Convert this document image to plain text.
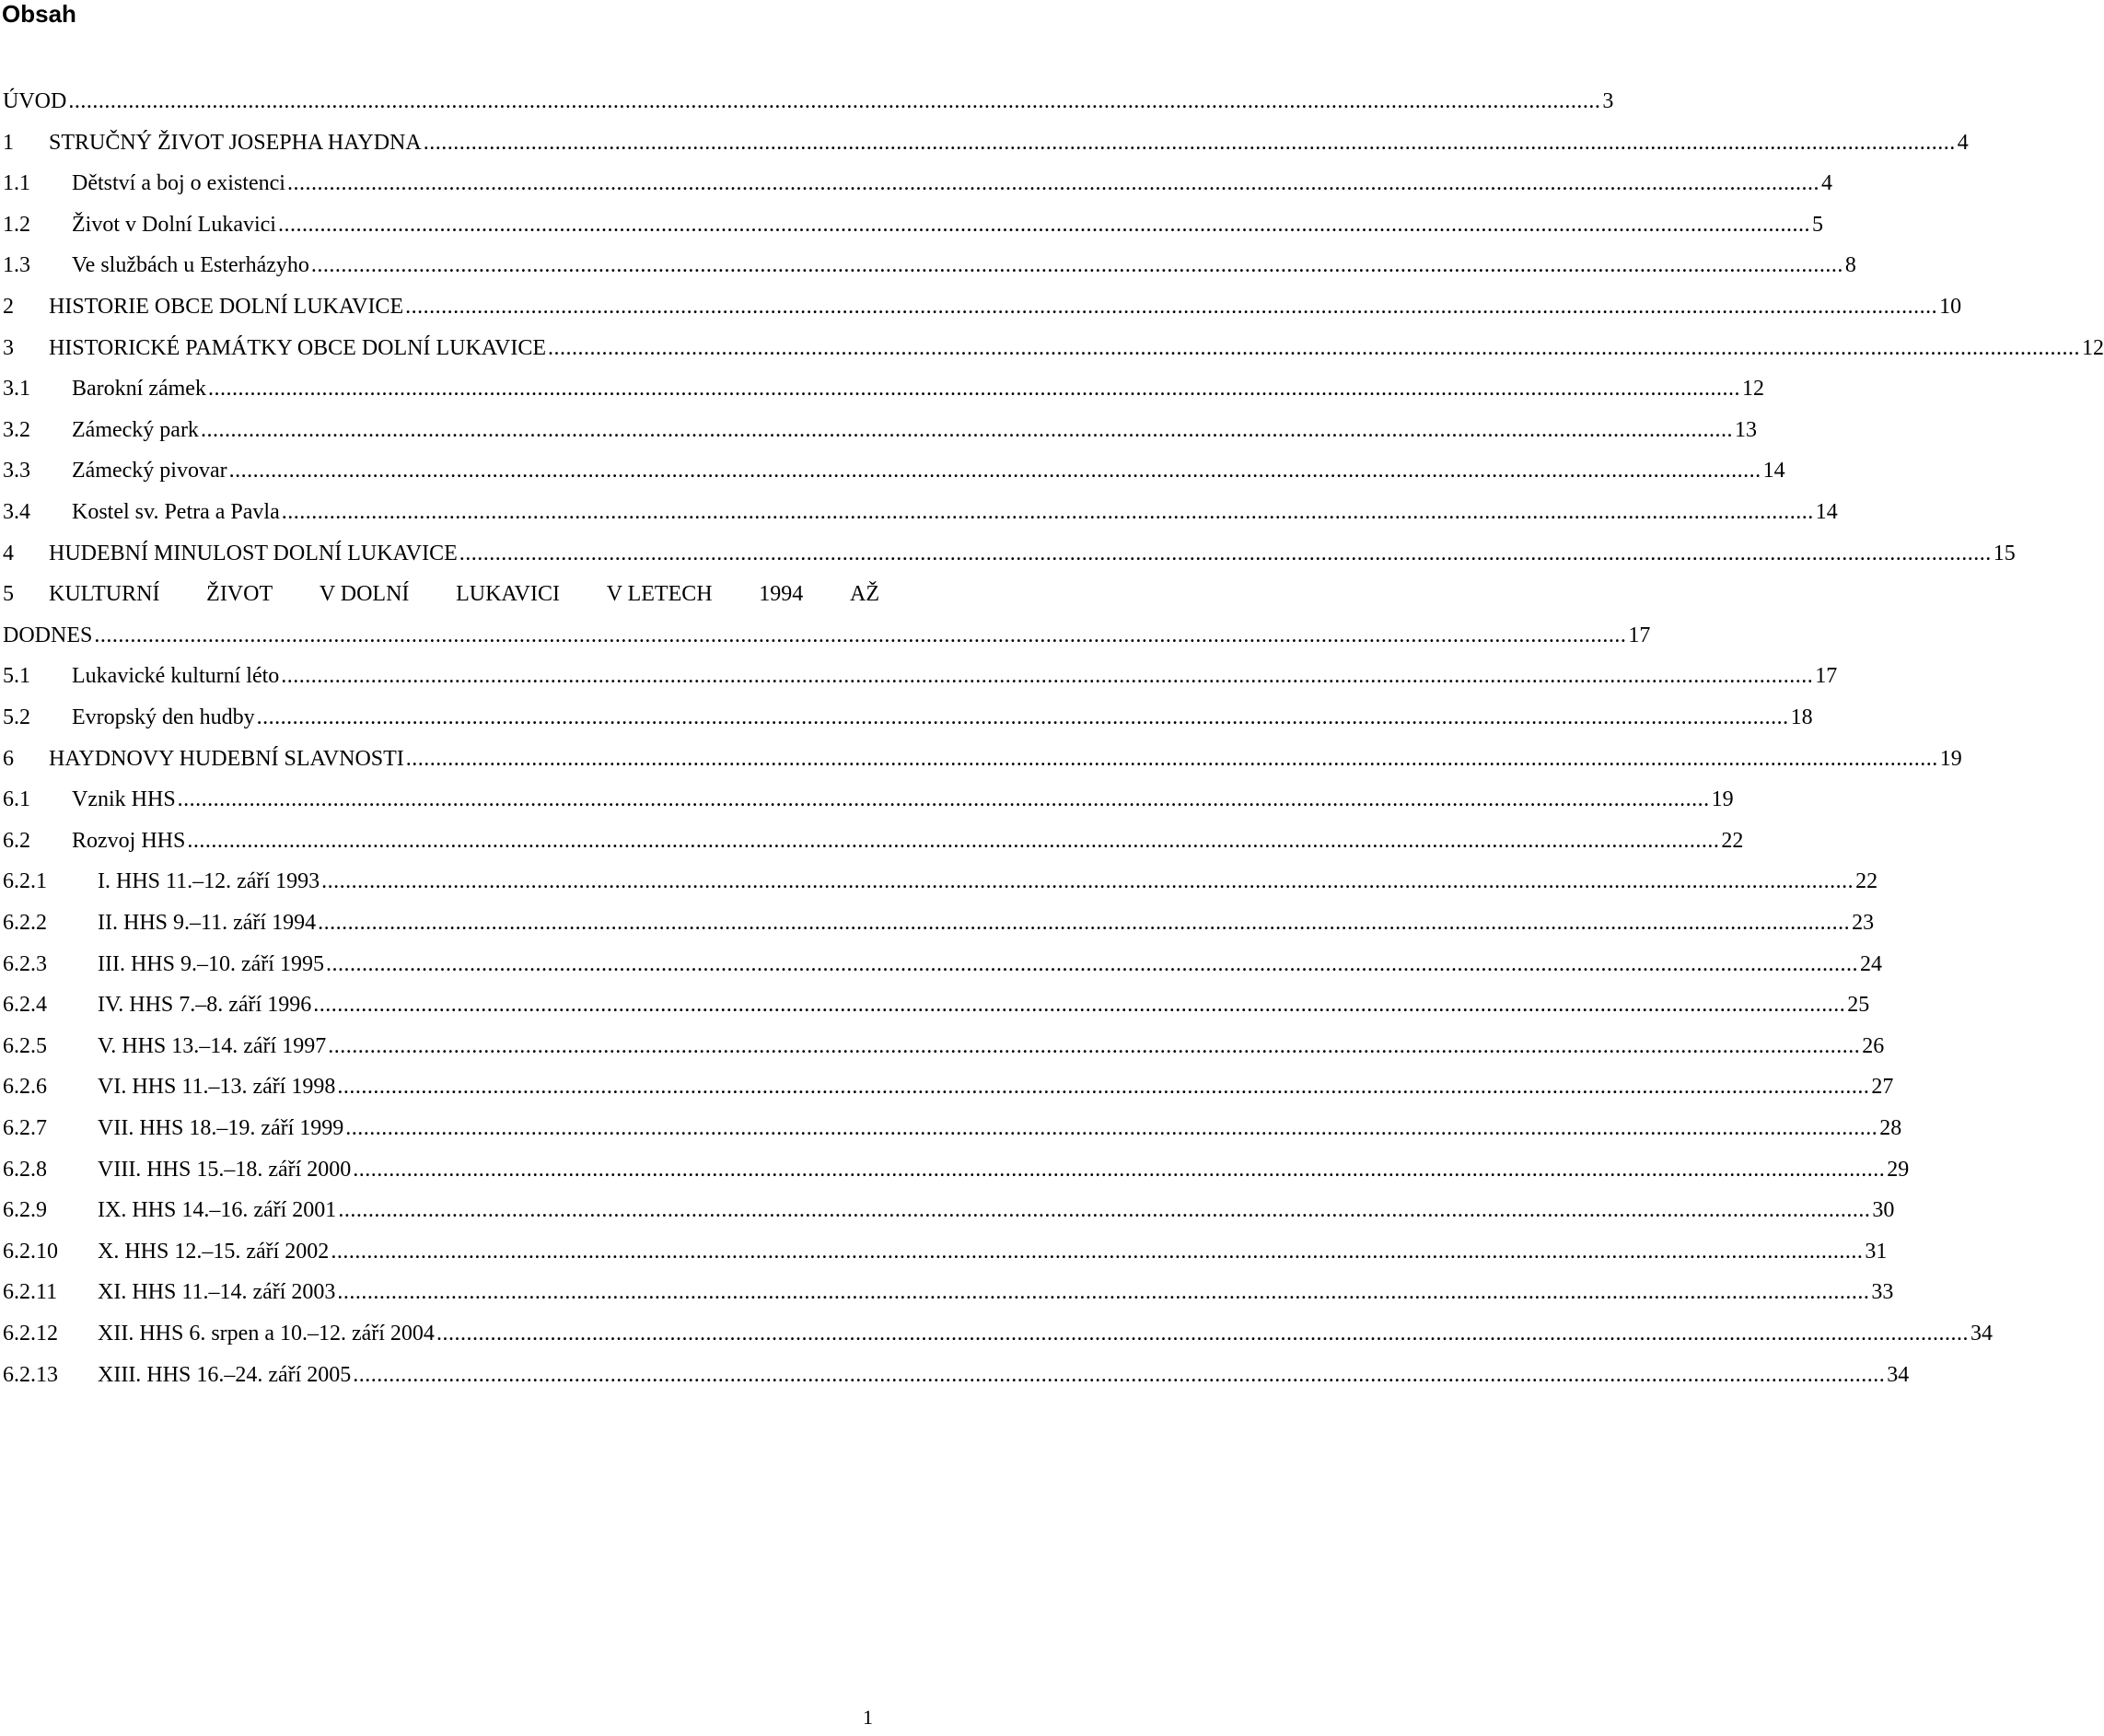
Obsah
ÚVOD .....	3
1	STRUČNÝ ŽIVOT JOSEPHA HAYDNA .....	4
1.1	Dětství a boj o existenci .....	4
1.2	Život v Dolní Lukavici .....	5
1.3	Ve službách u Esterházyho .....	8
2	HISTORIE OBCE DOLNÍ LUKAVICE .....	10
3	HISTORICKÉ PAMÁTKY OBCE DOLNÍ LUKAVICE .....	12
3.1	Barokní zámek .....	12
3.2	Zámecký park .....	13
3.3	Zámecký pivovar .....	14
3.4	Kostel sv. Petra a Pavla .....	14
4	HUDEBNÍ MINULOST DOLNÍ LUKAVICE .....	15
5	KULTURNÍ ŽIVOT V DOLNÍ LUKAVICI V LETECH 1994 AŽ
DODNES .....	17
5.1	Lukavické kulturní léto .....	17
5.2	Evropský den hudby .....	18
6	HAYDNOVY HUDEBNÍ SLAVNOSTI .....	19
6.1	Vznik HHS .....	19
6.2	Rozvoj HHS .....	22
6.2.1	I. HHS 11.–12. září 1993 .....	22
6.2.2	II. HHS 9.–11. září 1994 .....	23
6.2.3	III. HHS 9.–10. září 1995 .....	24
6.2.4	IV. HHS 7.–8. září 1996 .....	25
6.2.5	V. HHS 13.–14. září 1997 .....	26
6.2.6	VI. HHS 11.–13. září 1998 .....	27
6.2.7	VII. HHS 18.–19. září 1999 .....	28
6.2.8	VIII. HHS 15.–18. září 2000 .....	29
6.2.9	IX. HHS 14.–16. září 2001 .....	30
6.2.10	X. HHS 12.–15. září 2002 .....	31
6.2.11	XI. HHS 11.–14. září 2003 .....	33
6.2.12	XII. HHS 6. srpen a 10.–12. září 2004 .....	34
6.2.13	XIII. HHS 16.–24. září 2005 .....	34
1
